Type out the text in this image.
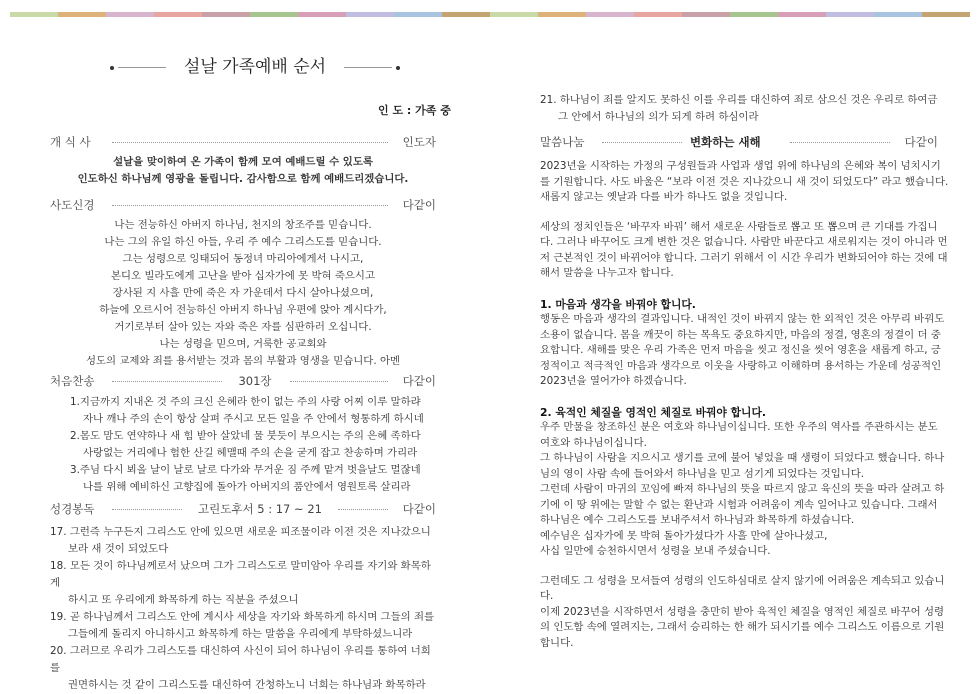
설날 가족예배 순서
인 도 : 가족 중
개 식 사	인도자
설날을 맞이하여 온 가족이 함께 모여 예배드릴 수 있도록
인도하신 하나님께 영광을 돌립니다. 감사함으로 함께 예배드리겠습니다.
사도신경	다같이
나는 전능하신 아버지 하나님, 천지의 창조주를 믿습니다.
나는 그의 유일 하신 아들, 우리 주 예수 그리스도를 믿습니다.
그는 성령으로 잉태되어 동정녀 마리아에게서 나시고,
본디오 빌라도에게 고난을 받아 십자가에 못 박혀 죽으시고
장사된 지 사흘 만에 죽은 자 가운데서 다시 살아나셨으며,
하늘에 오르시어 전능하신 아버지 하나님 우편에 앉아 계시다가,
거기로부터 살아 있는 자와 죽은 자를 심판하러 오십니다.
나는 성령을 믿으며, 거룩한 공교회와
성도의 교제와 죄를 용서받는 것과 몸의 부활과 영생을 믿습니다. 아멘
처음찬송	301장	다같이
1.지금까지 지내온 것 주의 크신 은혜라 한이 없는 주의 사랑 어찌 이루 말하랴
자나 깨나 주의 손이 항상 살펴 주시고 모든 일을 주 안에서 형통하게 하시네
2.몸도 맘도 연약하나 새 힘 받아 살았네 물 붓듯이 부으시는 주의 은혜 족하다
사랑없는 거리에나 험한 산길 헤맬때 주의 손을 굳게 잡고 찬송하며 가리라
3.주님 다시 뵈올 날이 날로 날로 다가와 무거운 짐 주께 맡겨 벗을날도 멀잖네
나를 위해 예비하신 고향집에 돌아가 아버지의 품안에서 영원토록 살리라
성경봉독	고린도후서 5 : 17 ~ 21	다같이
17. 그런즉 누구든지 그리스도 안에 있으면 새로운 피조물이라 이전 것은 지나갔으니
보라 새 것이 되었도다
18. 모든 것이 하나님께로서 났으며 그가 그리스도로 말미암아 우리를 자기와 화목하게
하시고 또 우리에게 화목하게 하는 직분을 주셨으니
19. 곧 하나님께서 그리스도 안에 계시사 세상을 자기와 화목하게 하시며 그들의 죄를
그들에게 돌리지 아니하시고 화목하게 하는 말씀을 우리에게 부탁하셨느니라
20. 그러므로 우리가 그리스도를 대신하여 사신이 되어 하나님이 우리를 통하여 너희를
권면하시는 것 같이 그리스도를 대신하여 간청하노니 너희는 하나님과 화목하라
21. 하나님이 죄를 알지도 못하신 이를 우리를 대신하여 죄로 삼으신 것은 우리로 하여금
그 안에서 하나님의 의가 되게 하려 하심이라
말씀나눔	변화하는 새해	다같이

2023년을 시작하는 가정의 구성원들과 사업과 생업 위에 하나님의 은혜와 복이 넘치시기를 기원합니다. 사도 바울은 “보라 이전 것은 지나갔으니 새 것이 되었도다” 라고 했습니다. 새롭지 않고는 옛날과 다를 바가 하나도 없을 것입니다.

세상의 정치인들은 ‘바꾸자 바꿔’ 해서 새로운 사람들로 뽑고 또 뽑으며 큰 기대를 가집니다. 그러나 바꾸어도 크게 변한 것은 없습니다. 사람만 바꾼다고 새로워지는 것이 아니라 먼저 근본적인 것이 바뀌어야 합니다. 그러기 위해서 이 시간 우리가 변화되어야 하는 것에 대해서 말씀을 나누고자 합니다.

1. 마음과 생각을 바꿔야 합니다.

행동은 마음과 생각의 결과입니다. 내적인 것이 바뀌지 않는 한 외적인 것은 아무리 바꿔도 소용이 없습니다. 몸을 깨끗이 하는 목욕도 중요하지만, 마음의 정결, 영혼의 정결이 더 중요합니다. 새해를 맞은 우리 가족은 먼저 마음을 씻고 정신을 씻어 영혼을 새롭게 하고, 긍정적이고 적극적인 마음과 생각으로 이웃을 사랑하고 이해하며 용서하는 가운데 성공적인 2023년을 열어가야 하겠습니다.

2. 육적인 체질을 영적인 체질로 바꿔야 합니다.

우주 만물을 창조하신 분은 여호와 하나님이십니다. 또한 우주의 역사를 주관하시는 분도 여호와 하나님이십니다.

그 하나님이 사람을 지으시고 생기를 코에 불어 넣었을 때 생령이 되었다고 했습니다. 하나님의 영이 사람 속에 들어와서 하나님을 믿고 섬기게 되었다는 것입니다.

그런데 사람이 마귀의 꼬임에 빠져 하나님의 뜻을 따르지 않고 육신의 뜻을 따라 살려고 하기에 이 땅 위에는 말할 수 없는 환난과 시험과 어려움이 계속 일어나고 있습니다. 그래서 하나님은 예수 그리스도를 보내주셔서 하나님과 화목하게 하셨습니다.

예수님은 십자가에 못 박혀 돌아가셨다가 사흘 만에 살아나셨고,

사십 일만에 승천하시면서 성령을 보내 주셨습니다.

그런데도 그 성령을 모셔들여 성령의 인도하심대로 살지 않기에 어려움은 계속되고 있습니다.

이제 2023년을 시작하면서 성령을 충만히 받아 육적인 체질을 영적인 체질로 바꾸어 성령의 인도함 속에 열려지는, 그래서 승리하는 한 해가 되시기를 예수 그리스도 이름으로 기원합니다.
